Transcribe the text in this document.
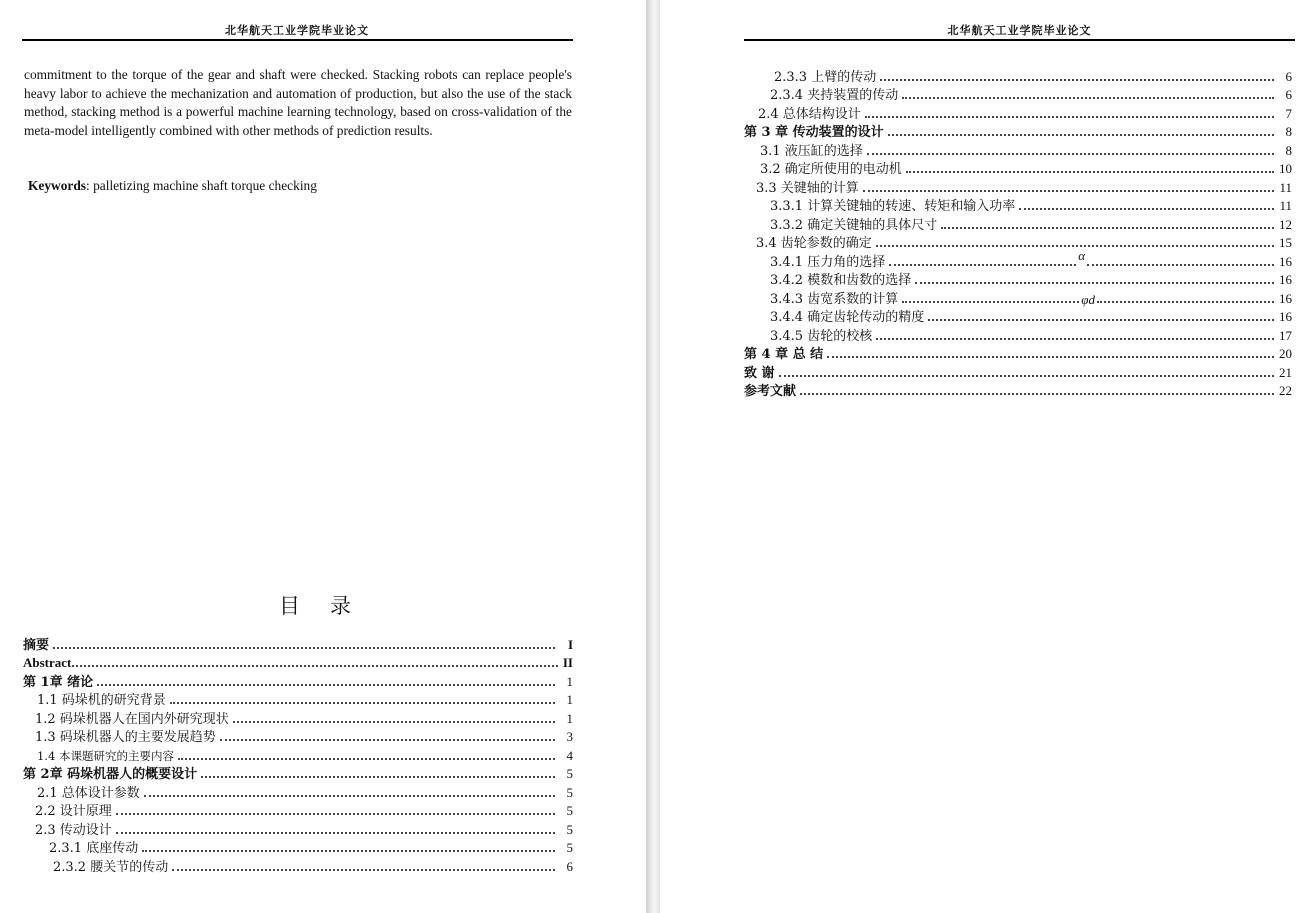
北华航天工业学院毕业论文
commitment to the torque of the gear and shaft were checked. Stacking robots can replace people's heavy labor to achieve the mechanization and automation of production, but also the use of the stack method, stacking method is a powerful machine learning technology, based on cross-validation of the meta-model intelligently combined with other methods of prediction results.
Keywords: palletizing machine shaft torque checking
目录
摘要	I
Abstract	II
第 1章 绪论	1
1.1 码垛机的研究背景	1
1.2 码垛机器人在国内外研究现状	1
1.3 码垛机器人的主要发展趋势	3
1.4 本课题研究的主要内容	4
第 2章 码垛机器人的概要设计	5
2.1 总体设计参数	5
2.2 设计原理	5
2.3 传动设计	5
2.3.1 底座传动	5
2.3.2 腰关节的传动	6
北华航天工业学院毕业论文
2.3.3 上臂的传动	6
2.3.4 夹持装置的传动	6
2.4 总体结构设计	7
第 3 章 传动装置的设计	8
3.1 液压缸的选择	8
3.2 确定所使用的电动机	10
3.3 关键轴的计算	11
3.3.1 计算关键轴的转速、转矩和输入功率	11
3.3.2 确定关键轴的具体尺寸	12
3.4 齿轮参数的确定	15
3.4.1 压力角的选择	α	16
3.4.2 模数和齿数的选择	16
3.4.3 齿宽系数的计算	φd	16
3.4.4 确定齿轮传动的精度	16
3.4.5 齿轮的校核	17
第 4 章 总 结	20
致 谢	21
参考文献	22
